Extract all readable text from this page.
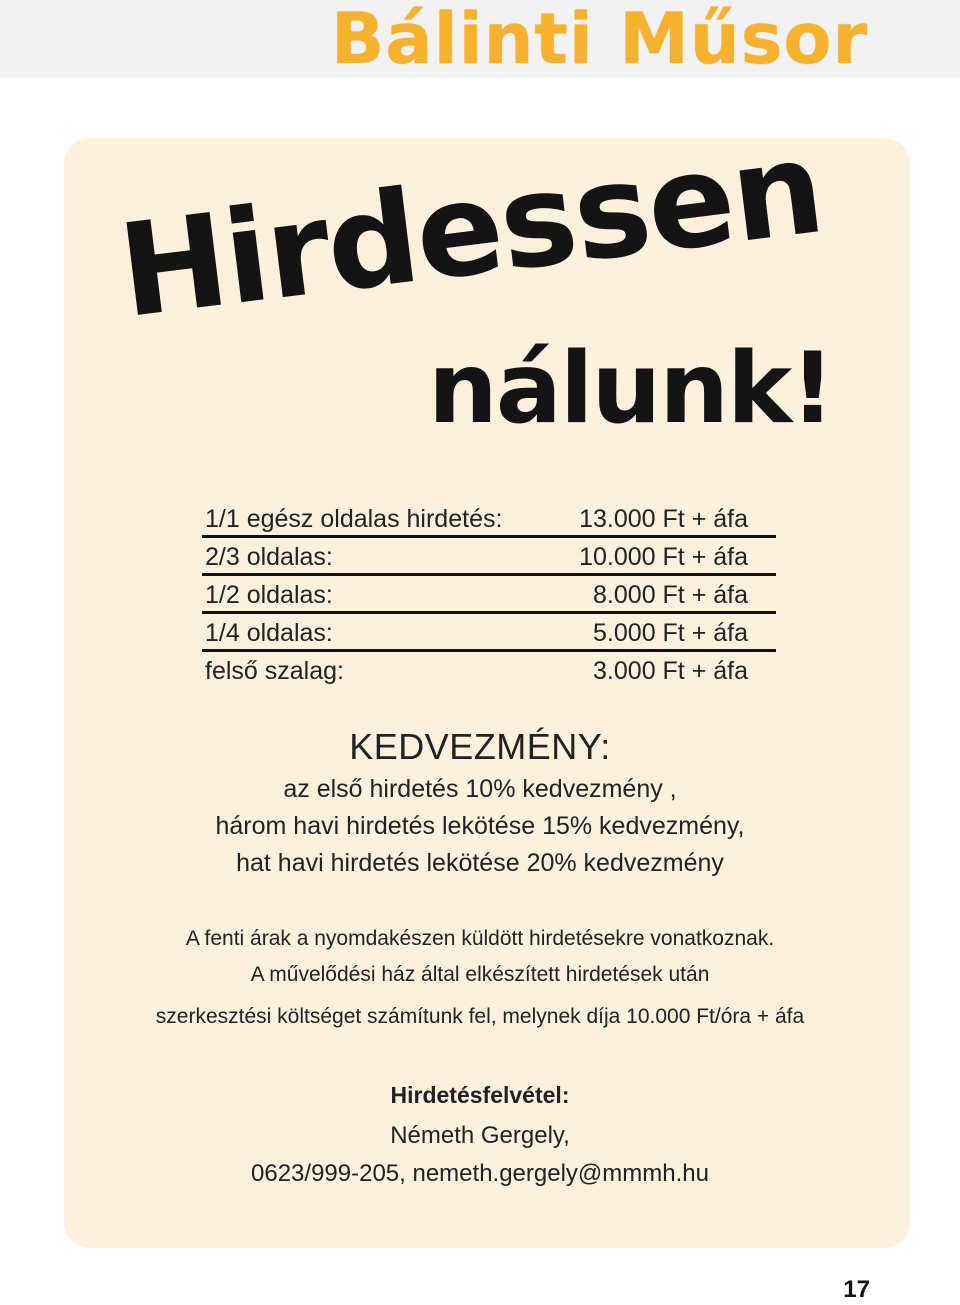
Bálinti Műsor
Hirdessen
nálunk!
1/1 egész oldalas hirdetés:	13.000 Ft + áfa
2/3 oldalas:	10.000 Ft + áfa
1/2 oldalas:	8.000 Ft + áfa
1/4 oldalas:	5.000 Ft + áfa
felső szalag:	3.000 Ft + áfa
KEDVEZMÉNY:
az első hirdetés 10% kedvezmény ,
három havi hirdetés lekötése 15% kedvezmény,
hat havi hirdetés lekötése 20% kedvezmény
A fenti árak a nyomdakészen küldött hirdetésekre vonatkoznak.
A művelődési ház által elkészített hirdetések után
szerkesztési költséget számítunk fel, melynek díja 10.000 Ft/óra + áfa
Hirdetésfelvétel:
Németh Gergely,
0623/999-205, nemeth.gergely@mmmh.hu
17
